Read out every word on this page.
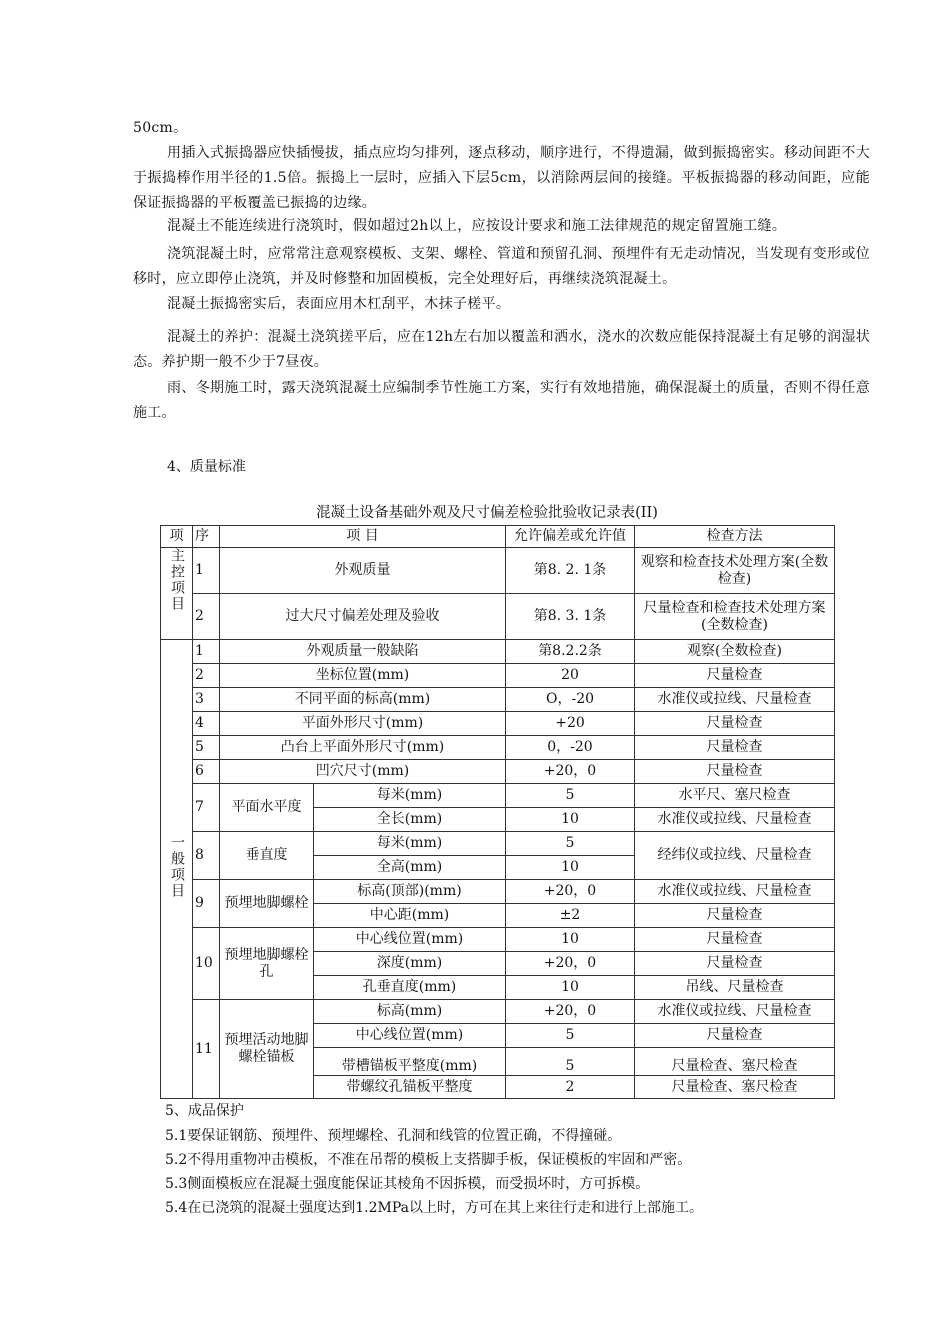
50cm。
用插入式振捣器应快插慢拔，插点应均匀排列，逐点移动，顺序进行，不得遗漏，做到振捣密实。移动间距不大于振捣棒作用半径的1.5倍。振捣上一层时，应插入下层5cm，以消除两层间的接缝。平板振捣器的移动间距，应能保证振捣器的平板覆盖已振捣的边缘。
混凝土不能连续进行浇筑时，假如超过2h以上，应按设计要求和施工法律规范的规定留置施工缝。
浇筑混凝土时，应常常注意观察模板、支架、螺栓、管道和预留孔洞、预埋件有无走动情况，当发现有变形或位移时，应立即停止浇筑，并及时修整和加固模板，完全处理好后，再继续浇筑混凝土。
混凝土振捣密实后，表面应用木杠刮平，木抹子槎平。
混凝土的养护：混凝土浇筑搓平后，应在12h左右加以覆盖和洒水，浇水的次数应能保持混凝土有足够的润湿状态。养护期一般不少于7昼夜。
雨、冬期施工时，露天浇筑混凝土应编制季节性施工方案，实行有效地措施，确保混凝土的质量，否则不得任意施工。
4、质量标准
混凝土设备基础外观及尺寸偏差检验批验收记录表(II)
项	序	项 目		允许偏差或允许值	检查方法
主控项目	1	外观质量		第8. 2. 1条	观察和检查技术处理方案(全数检查)
	2	过大尺寸偏差处理及验收		第8. 3. 1条	尺量检查和检查技术处理方案(全数检查)
一般项目	1	外观质量一般缺陷		第8.2.2条	观察(全数检查)
	2	坐标位置(mm)		20	尺量检查
	3	不同平面的标高(mm)		O，-20	水准仪或拉线、尺量检查
	4	平面外形尺寸(mm)		+20	尺量检查
	5	凸台上平面外形尺寸(mm)		0，-20	尺量检查
	6	凹穴尺寸(mm)		+20，0	尺量检查
	7	平面水平度	每米(mm)	5	水平尺、塞尺检查
			全长(mm)	10	水准仪或拉线、尺量检查
	8	垂直度	每米(mm)	5	经纬仪或拉线、尺量检查
			全高(mm)	10	
	9	预埋地脚螺栓	标高(顶部)(mm)	+20，0	水准仪或拉线、尺量检查
			中心距(mm)	±2	尺量检查
	10	预埋地脚螺栓孔	中心线位置(mm)	10	尺量检查
			深度(mm)	+20，0	尺量检查
			孔垂直度(mm)	10	吊线、尺量检查
	11	预埋活动地脚螺栓锚板	标高(mm)	+20，0	水准仪或拉线、尺量检查
			中心线位置(mm)	5	尺量检查
			带槽锚板平整度(mm)	5	尺量检查、塞尺检查
			带螺纹孔锚板平整度	2	尺量检查、塞尺检查
5、成品保护
5.1要保证钢筋、预埋件、预埋螺栓、孔洞和线管的位置正确，不得撞碰。
5.2不得用重物冲击模板，不准在吊帮的模板上支搭脚手板，保证模板的牢固和严密。
5.3侧面模板应在混凝土强度能保证其棱角不因拆模，而受损坏时，方可拆模。
5.4在已浇筑的混凝土强度达到1.2MPa以上时，方可在其上来往行走和进行上部施工。
